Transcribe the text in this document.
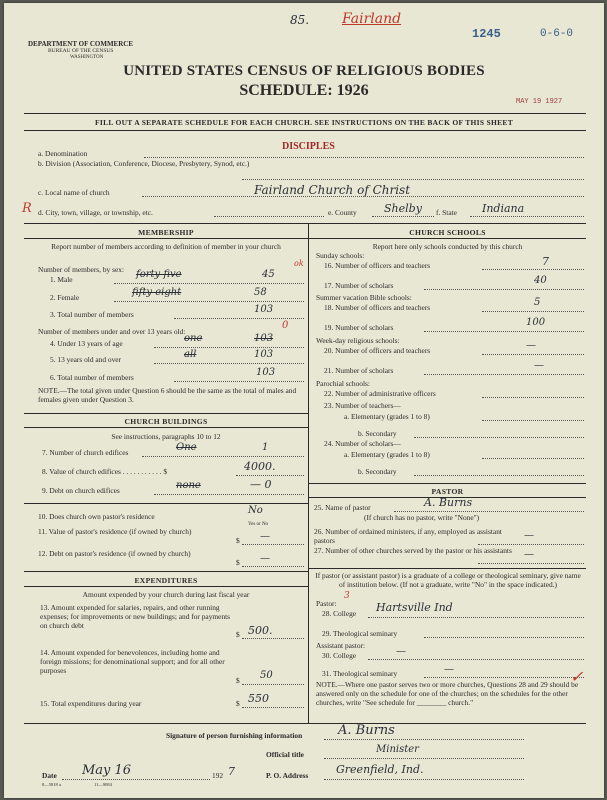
85. Fairland
1245	0-6-0
DEPARTMENT OF COMMERCE
BUREAU OF THE CENSUS
WASHINGTON
UNITED STATES CENSUS OF RELIGIOUS BODIES
SCHEDULE: 1926
MAY 19 1927
FILL OUT A SEPARATE SCHEDULE FOR EACH CHURCH. SEE INSTRUCTIONS ON THE BACK OF THIS SHEET
a. Denomination
DISCIPLES
b. Division (Association, Conference, Diocese, Presbytery, Synod, etc.)
c. Local name of church	Fairland Church of Christ
R d. City, town, village, or township, etc.	e. County Shelby f. State Indiana
MEMBERSHIP
Report number of members according to definition of member in your church
Number of members, by sex:
1. Male	forty five	45
ok
2. Female	fifty eight	58
3. Total number of members	103
Number of members under and over 13 years old:
0
4. Under 13 years of age	one	103
5. 13 years old and over	all	103
6. Total number of members	103
NOTE.—The total given under Question 6 should be the same as the total of males and females given under Question 3.
CHURCH BUILDINGS
See instructions, paragraphs 10 to 12
7. Number of church edifices	One	1
8. Value of church edifices . . . . . . . . . . . $	4000.
9. Debt on church edifices	none	— 0
10. Does church own pastor's residence
No
Yes or No
11. Value of pastor's residence (if owned by church)
$ —
12. Debt on pastor's residence (if owned by church)
$ —
EXPENDITURES
Amount expended by your church during last fiscal year
13. Amount expended for salaries, repairs, and other running expenses; for improvements or new buildings; and for payments on church debt
$ 500.
14. Amount expended for benevolences, including home and foreign missions; for denominational support; and for all other purposes
$ 50
15. Total expenditures during year	$ 550
CHURCH SCHOOLS
Report here only schools conducted by this church
Sunday schools:
16. Number of officers and teachers	7
17. Number of scholars	40
Summer vacation Bible schools:
18. Number of officers and teachers	5
19. Number of scholars	100
Week-day religious schools:
20. Number of officers and teachers	—
21. Number of scholars	—
Parochial schools:
22. Number of administrative officers
23. Number of teachers—
a. Elementary (grades 1 to 8)
b. Secondary
24. Number of scholars—
a. Elementary (grades 1 to 8)
b. Secondary
PASTOR
25. Name of pastor	A. Burns
(If church has no pastor, write "None")
26. Number of ordained ministers, if any, employed as assistant pastors	—
27. Number of other churches served by the pastor or his assistants —
If pastor (or assistant pastor) is a graduate of a college or theological seminary, give name of institution below. (If not a graduate, write "No" in the space indicated.)
Pastor:
3
28. College Hartsville Ind
29. Theological seminary
Assistant pastor:
30. College	—
31. Theological seminary	—
NOTE.—Where one pastor serves two or more churches, Questions 28 and 29 should be answered only on the schedule for one of the churches; on the schedules for the other churches, write "See schedule for ________ church."
✓
Signature of person furnishing information	A. Burns
Official title	Minister
Date May 16	192 7	P. O. Address	Greenfield, Ind.
8—5818 a	11—9084
